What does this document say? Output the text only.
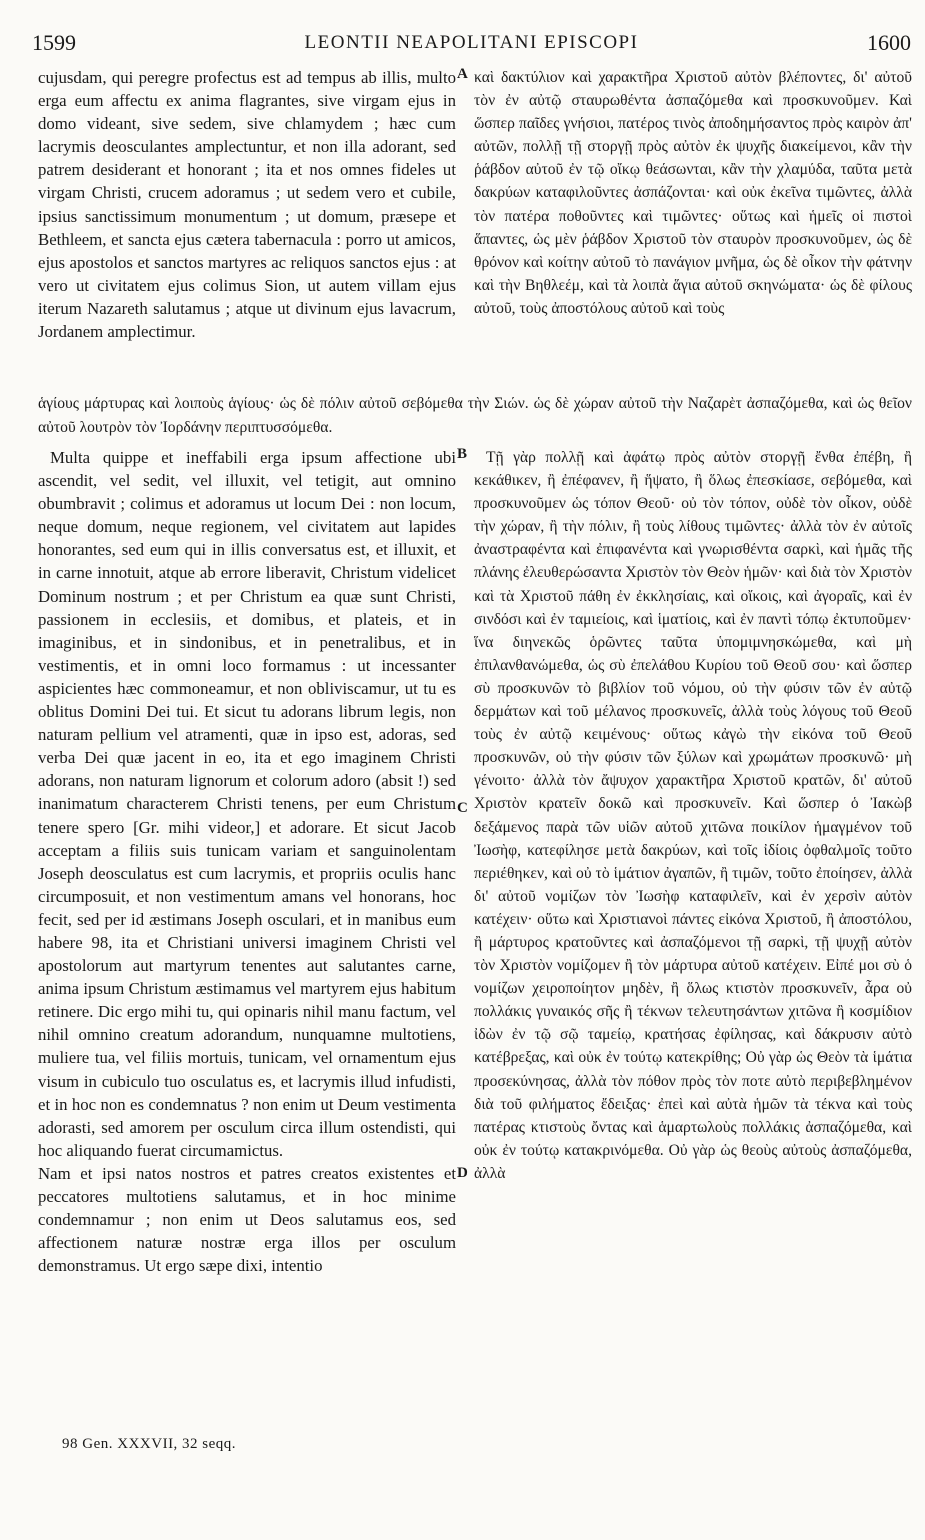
1599	LEONTII NEAPOLITANI EPISCOPI	1600
A
B
C
D

cujusdam, qui peregre profectus est ad tempus ab illis, multo erga eum affectu ex anima flagrantes, sive virgam ejus in domo videant, sive sedem, sive chlamydem ; hæc cum lacrymis deosculantes amplectuntur, et non illa adorant, sed patrem desiderant et honorant ; ita et nos omnes fideles ut virgam Christi, crucem adoramus ; ut sedem vero et cubile, ipsius sanctissimum monumentum ; ut domum, præsepe et Bethleem, et sancta ejus cætera tabernacula : porro ut amicos, ejus apostolos et sanctos martyres ac reliquos sanctos ejus : at vero ut civitatem ejus colimus Sion, ut autem villam ejus iterum Nazareth salutamus ; atque ut divinum ejus lavacrum, Jordanem amplectimur.

καὶ δακτύλιον καὶ χαρακτῆρα Χριστοῦ αὐτὸν βλέποντες, δι' αὐτοῦ τὸν ἐν αὐτῷ σταυρωθέντα ἀσπαζόμεθα καὶ προσκυνοῦμεν. Καὶ ὥσπερ παῖδες γνήσιοι, πατέρος τινὸς ἀποδημήσαντος πρὸς καιρὸν ἀπ' αὐτῶν, πολλῇ τῇ στοργῇ πρὸς αὐτὸν ἐκ ψυχῆς διακείμενοι, κἂν τὴν ῥάβδον αὐτοῦ ἐν τῷ οἴκῳ θεάσωνται, κἂν τὴν χλαμύδα, ταῦτα μετὰ δακρύων καταφιλοῦντες ἀσπάζονται· καὶ οὐκ ἐκεῖνα τιμῶντες, ἀλλὰ τὸν πατέρα ποθοῦντες καὶ τιμῶντες· οὕτως καὶ ἡμεῖς οἱ πιστοὶ ἅπαντες, ὡς μὲν ῥάβδον Χριστοῦ τὸν σταυρὸν προσκυνοῦμεν, ὡς δὲ θρόνον καὶ κοίτην αὐτοῦ τὸ πανάγιον μνῆμα, ὡς δὲ οἶκον τὴν φάτνην καὶ τὴν Βηθλεέμ, καὶ τὰ λοιπὰ ἅγια αὐτοῦ σκηνώματα· ὡς δὲ φίλους αὐτοῦ, τοὺς ἀποστόλους αὐτοῦ καὶ τοὺς

ἁγίους μάρτυρας καὶ λοιποὺς ἁγίους· ὡς δὲ πόλιν αὐτοῦ σεβόμεθα τὴν Σιών. ὡς δὲ χώραν αὐτοῦ τὴν Ναζαρὲτ ἀσπαζόμεθα, καὶ ὡς θεῖον αὐτοῦ λουτρὸν τὸν Ἰορδάνην περιπτυσσόμεθα.

Multa quippe et ineffabili erga ipsum affectione ubi ascendit, vel sedit, vel illuxit, vel tetigit, aut omnino obumbravit ; colimus et adoramus ut locum Dei : non locum, neque domum, neque regionem, vel civitatem aut lapides honorantes, sed eum qui in illis conversatus est, et illuxit, et in carne innotuit, atque ab errore liberavit, Christum videlicet Dominum nostrum ; et per Christum ea quæ sunt Christi, passionem in ecclesiis, et domibus, et plateis, et in imaginibus, et in sindonibus, et in penetralibus, et in vestimentis, et in omni loco formamus : ut incessanter aspicientes hæc commoneamur, et non obliviscamur, ut tu es oblitus Domini Dei tui. Et sicut tu adorans librum legis, non naturam pellium vel atramenti, quæ in ipso est, adoras, sed verba Dei quæ jacent in eo, ita et ego imaginem Christi adorans, non naturam lignorum et colorum adoro (absit !) sed inanimatum characterem Christi tenens, per eum Christum tenere spero [Gr. mihi videor,] et adorare. Et sicut Jacob acceptam a filiis suis tunicam variam et sanguinolentam Joseph deosculatus est cum lacrymis, et propriis oculis hanc circumposuit, et non vestimentum amans vel honorans, hoc fecit, sed per id æstimans Joseph osculari, et in manibus eum habere 98, ita et Christiani universi imaginem Christi vel apostolorum aut martyrum tenentes aut salutantes carne, anima ipsum Christum æstimamus vel martyrem ejus habitum retinere. Dic ergo mihi tu, qui opinaris nihil manu factum, vel nihil omnino creatum adorandum, nunquamne multotiens, muliere tua, vel filiis mortuis, tunicam, vel ornamentum ejus visum in cubiculo tuo osculatus es, et lacrymis illud infudisti, et in hoc non es condemnatus ? non enim ut Deum vestimenta adorasti, sed amorem per osculum circa illum ostendisti, qui hoc aliquando fuerat circumamictus.

Nam et ipsi natos nostros et patres creatos existentes et peccatores multotiens salutamus, et in hoc minime condemnamur ; non enim ut Deos salutamus eos, sed affectionem naturæ nostræ erga illos per osculum demonstramus. Ut ergo sæpe dixi, intentio

Τῇ γὰρ πολλῇ καὶ ἀφάτῳ πρὸς αὐτὸν στοργῇ ἔνθα ἐπέβη, ἢ κεκάθικεν, ἢ ἐπέφανεν, ἢ ἥψατο, ἢ ὅλως ἐπεσκίασε, σεβόμεθα, καὶ προσκυνοῦμεν ὡς τόπον Θεοῦ· οὐ τὸν τόπον, οὐδὲ τὸν οἶκον, οὐδὲ τὴν χώραν, ἢ τὴν πόλιν, ἢ τοὺς λίθους τιμῶντες· ἀλλὰ τὸν ἐν αὐτοῖς ἀναστραφέντα καὶ ἐπιφανέντα καὶ γνωρισθέντα σαρκὶ, καὶ ἡμᾶς τῆς πλάνης ἐλευθερώσαντα Χριστὸν τὸν Θεὸν ἡμῶν· καὶ διὰ τὸν Χριστὸν καὶ τὰ Χριστοῦ πάθη ἐν ἐκκλησίαις, καὶ οἴκοις, καὶ ἀγοραῖς, καὶ ἐν σινδόσι καὶ ἐν ταμιείοις, καὶ ἱματίοις, καὶ ἐν παντὶ τόπῳ ἐκτυποῦμεν· ἵνα διηνεκῶς ὁρῶντες ταῦτα ὑπομιμνησκώμεθα, καὶ μὴ ἐπιλανθανώμεθα, ὡς σὺ ἐπελάθου Κυρίου τοῦ Θεοῦ σου· καὶ ὥσπερ σὺ προσκυνῶν τὸ βιβλίον τοῦ νόμου, οὐ τὴν φύσιν τῶν ἐν αὐτῷ δερμάτων καὶ τοῦ μέλανος προσκυνεῖς, ἀλλὰ τοὺς λόγους τοῦ Θεοῦ τοὺς ἐν αὐτῷ κειμένους· οὕτως κἀγὼ τὴν εἰκόνα τοῦ Θεοῦ προσκυνῶν, οὐ τὴν φύσιν τῶν ξύλων καὶ χρωμάτων προσκυνῶ· μὴ γένοιτο· ἀλλὰ τὸν ἄψυχον χαρακτῆρα Χριστοῦ κρατῶν, δι' αὐτοῦ Χριστὸν κρατεῖν δοκῶ καὶ προσκυνεῖν. Καὶ ὥσπερ ὁ Ἰακὼβ δεξάμενος παρὰ τῶν υἱῶν αὐτοῦ χιτῶνα ποικίλον ἡμαγμένον τοῦ Ἰωσὴφ, κατεφίλησε μετὰ δακρύων, καὶ τοῖς ἰδίοις ὀφθαλμοῖς τοῦτο περιέθηκεν, καὶ οὐ τὸ ἱμάτιον ἀγαπῶν, ἢ τιμῶν, τοῦτο ἐποίησεν, ἀλλὰ δι' αὐτοῦ νομίζων τὸν Ἰωσὴφ καταφιλεῖν, καὶ ἐν χερσὶν αὐτὸν κατέχειν· οὕτω καὶ Χριστιανοὶ πάντες εἰκόνα Χριστοῦ, ἢ ἀποστόλου, ἢ μάρτυρος κρατοῦντες καὶ ἀσπαζόμενοι τῇ σαρκὶ, τῇ ψυχῇ αὐτὸν τὸν Χριστὸν νομίζομεν ἢ τὸν μάρτυρα αὐτοῦ κατέχειν. Εἰπέ μοι σὺ ὁ νομίζων χειροποίητον μηδὲν, ἢ ὅλως κτιστὸν προσκυνεῖν, ἆρα οὐ πολλάκις γυναικός σῆς ἢ τέκνων τελευτησάντων χιτῶνα ἢ κοσμίδιον ἰδὼν ἐν τῷ σῷ ταμείῳ, κρατήσας ἐφίλησας, καὶ δάκρυσιν αὐτὸ κατέβρεξας, καὶ οὐκ ἐν τούτῳ κατεκρίθης; Οὐ γὰρ ὡς Θεὸν τὰ ἱμάτια προσεκύνησας, ἀλλὰ τὸν πόθον πρὸς τὸν ποτε αὐτὸ περιβεβλημένον διὰ τοῦ φιλήματος ἔδειξας· ἐπεὶ καὶ αὐτὰ ἡμῶν τὰ τέκνα καὶ τοὺς πατέρας κτιστοὺς ὄντας καὶ ἁμαρτωλοὺς πολλάκις ἀσπαζόμεθα, καὶ οὐκ ἐν τούτῳ κατακρινόμεθα. Οὐ γὰρ ὡς θεοὺς αὐτοὺς ἀσπαζόμεθα, ἀλλὰ

98 Gen. XXXVII, 32 seqq.
